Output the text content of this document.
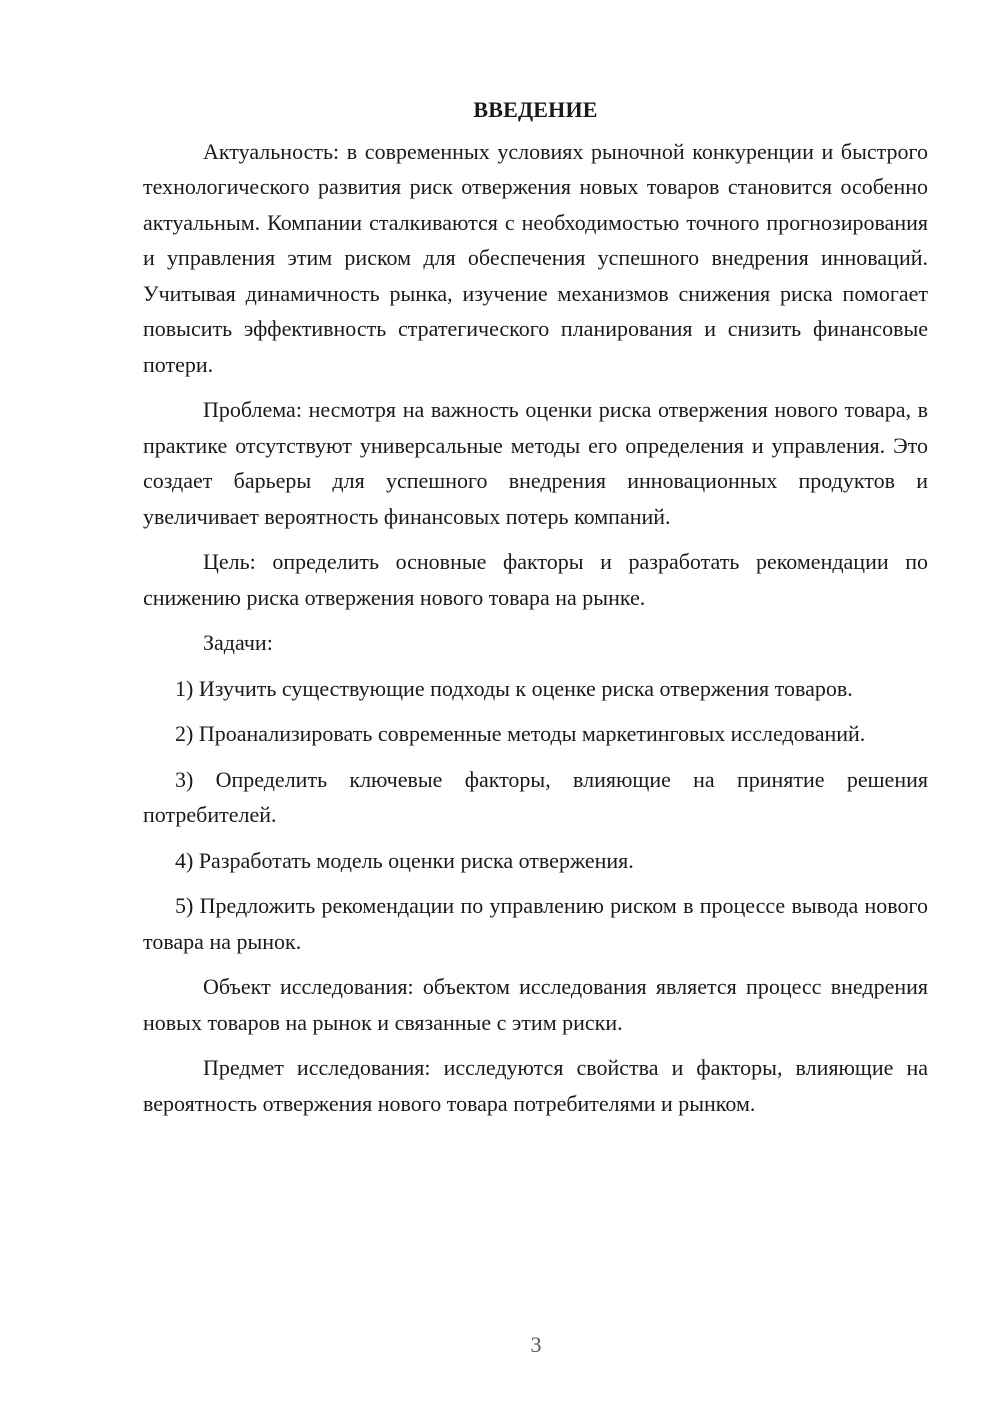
ВВЕДЕНИЕ

Актуальность: в современных условиях рыночной конкуренции и быстрого технологического развития риск отвержения новых товаров становится особенно актуальным. Компании сталкиваются с необходимостью точного прогнозирования и управления этим риском для обеспечения успешного внедрения инноваций. Учитывая динамичность рынка, изучение механизмов снижения риска помогает повысить эффективность стратегического планирования и снизить финансовые потери.

Проблема: несмотря на важность оценки риска отвержения нового товара, в практике отсутствуют универсальные методы его определения и управления. Это создает барьеры для успешного внедрения инновационных продуктов и увеличивает вероятность финансовых потерь компаний.

Цель: определить основные факторы и разработать рекомендации по снижению риска отвержения нового товара на рынке.

Задачи:

1) Изучить существующие подходы к оценке риска отвержения товаров.

2) Проанализировать современные методы маркетинговых исследований.

3) Определить ключевые факторы, влияющие на принятие решения потребителей.

4) Разработать модель оценки риска отвержения.

5) Предложить рекомендации по управлению риском в процессе вывода нового товара на рынок.

Объект исследования: объектом исследования является процесс внедрения новых товаров на рынок и связанные с этим риски.

Предмет исследования: исследуются свойства и факторы, влияющие на вероятность отвержения нового товара потребителями и рынком.

3
